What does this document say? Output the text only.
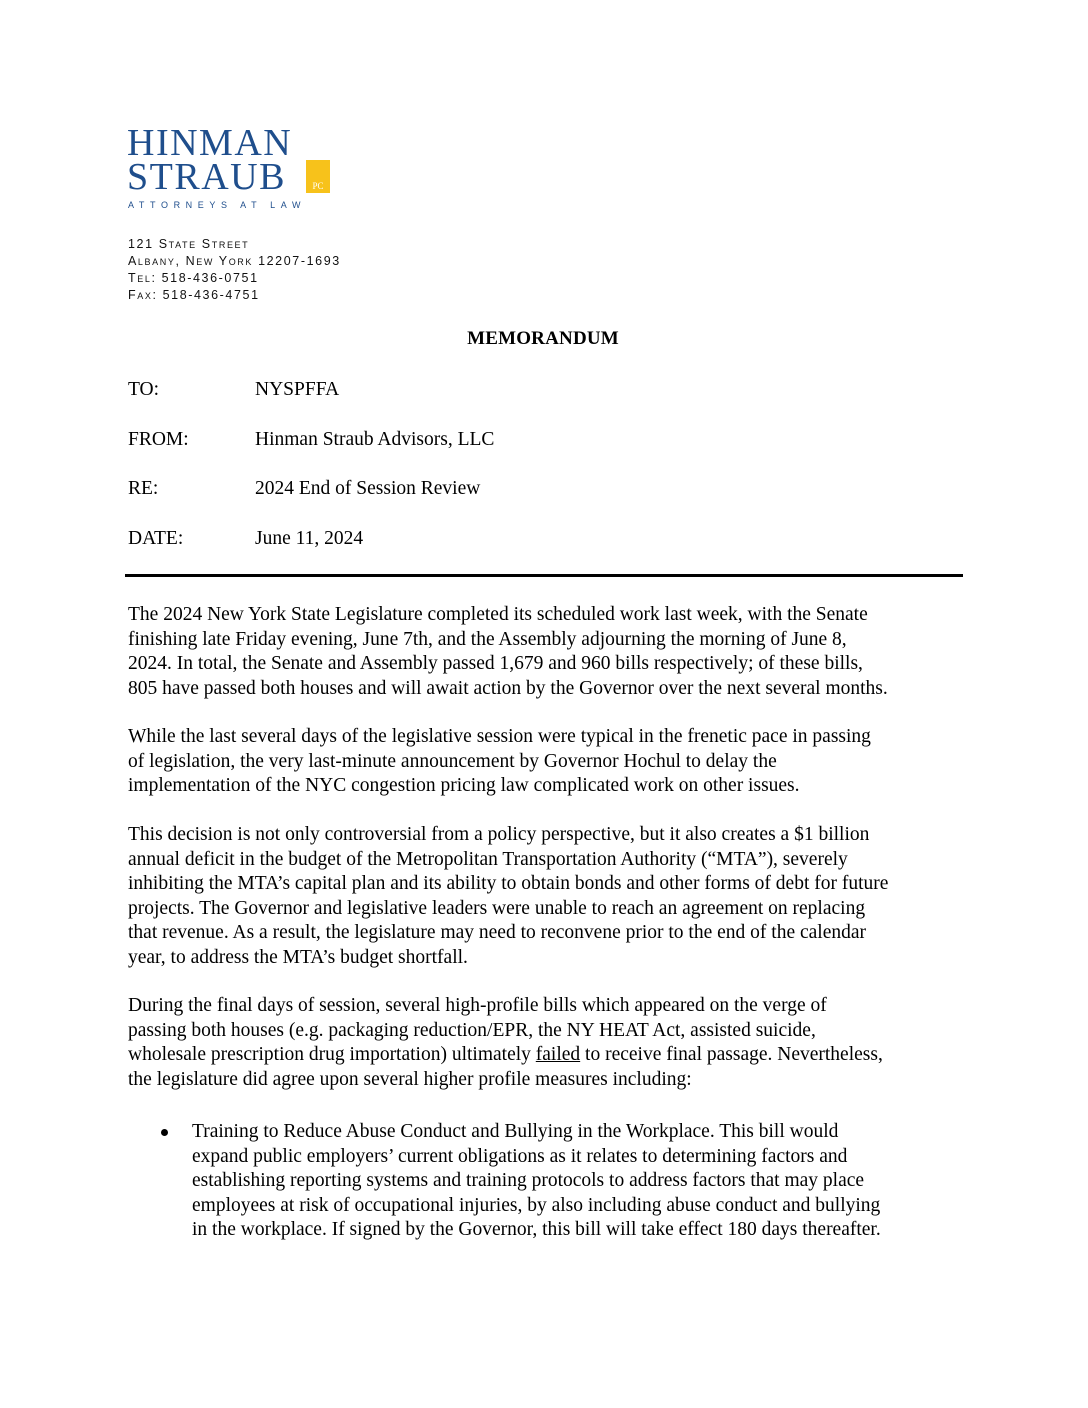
HINMAN
STRAUB	PC
ATTORNEYS AT LAW
121 State Street
Albany, New York 12207-1693
Tel: 518-436-0751
Fax: 518-436-4751
MEMORANDUM
TO:	NYSPFFA
FROM:	Hinman Straub Advisors, LLC
RE:	2024 End of Session Review
DATE:	June 11, 2024
The 2024 New York State Legislature completed its scheduled work last week, with the Senate
finishing late Friday evening, June 7th, and the Assembly adjourning the morning of June 8,
2024. In total, the Senate and Assembly passed 1,679 and 960 bills respectively; of these bills,
805 have passed both houses and will await action by the Governor over the next several months.
While the last several days of the legislative session were typical in the frenetic pace in passing
of legislation, the very last-minute announcement by Governor Hochul to delay the
implementation of the NYC congestion pricing law complicated work on other issues.
This decision is not only controversial from a policy perspective, but it also creates a $1 billion
annual deficit in the budget of the Metropolitan Transportation Authority (“MTA”), severely
inhibiting the MTA’s capital plan and its ability to obtain bonds and other forms of debt for future
projects. The Governor and legislative leaders were unable to reach an agreement on replacing
that revenue. As a result, the legislature may need to reconvene prior to the end of the calendar
year, to address the MTA’s budget shortfall.
During the final days of session, several high-profile bills which appeared on the verge of
passing both houses (e.g. packaging reduction/EPR, the NY HEAT Act, assisted suicide,
wholesale prescription drug importation) ultimately failed to receive final passage. Nevertheless,
the legislature did agree upon several higher profile measures including:
Training to Reduce Abuse Conduct and Bullying in the Workplace. This bill would
expand public employers’ current obligations as it relates to determining factors and
establishing reporting systems and training protocols to address factors that may place
employees at risk of occupational injuries, by also including abuse conduct and bullying
in the workplace. If signed by the Governor, this bill will take effect 180 days thereafter.
